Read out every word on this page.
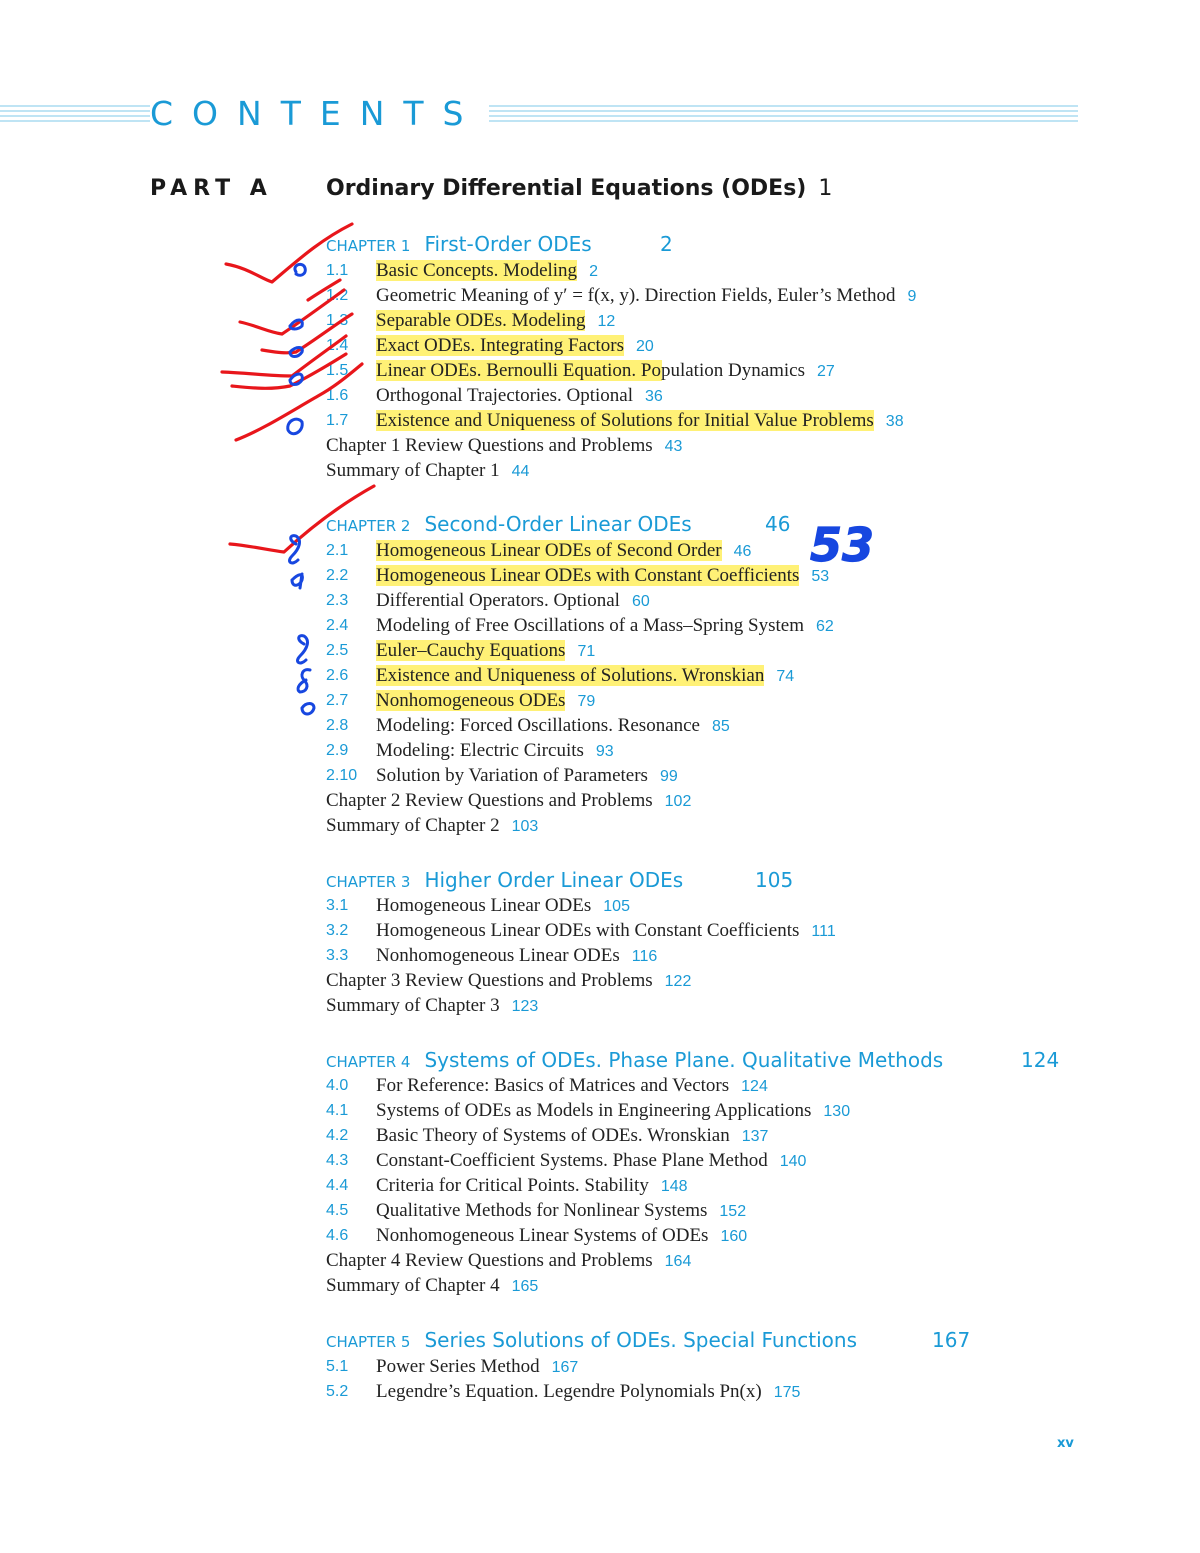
CONTENTS
PART A Ordinary Differential Equations (ODEs) 1
CHAPTER 1 First-Order ODEs	2
1.1 Basic Concepts. Modeling 2
1.2 Geometric Meaning of y′ = f(x, y). Direction Fields, Euler’s Method 9
1.3 Separable ODEs. Modeling 12
1.4 Exact ODEs. Integrating Factors 20
1.5 Linear ODEs. Bernoulli Equation. Population Dynamics 27
1.6 Orthogonal Trajectories. Optional 36
1.7 Existence and Uniqueness of Solutions for Initial Value Problems 38
Chapter 1 Review Questions and Problems 43
Summary of Chapter 1 44
CHAPTER 2 Second-Order Linear ODEs	46
2.1 Homogeneous Linear ODEs of Second Order 46
2.2 Homogeneous Linear ODEs with Constant Coefficients 53
2.3 Differential Operators. Optional 60
2.4 Modeling of Free Oscillations of a Mass–Spring System 62
2.5 Euler–Cauchy Equations 71
2.6 Existence and Uniqueness of Solutions. Wronskian 74
2.7 Nonhomogeneous ODEs 79
2.8 Modeling: Forced Oscillations. Resonance 85
2.9 Modeling: Electric Circuits 93
2.10 Solution by Variation of Parameters 99
Chapter 2 Review Questions and Problems 102
Summary of Chapter 2 103
CHAPTER 3 Higher Order Linear ODEs	105
3.1 Homogeneous Linear ODEs 105
3.2 Homogeneous Linear ODEs with Constant Coefficients 111
3.3 Nonhomogeneous Linear ODEs 116
Chapter 3 Review Questions and Problems 122
Summary of Chapter 3 123
CHAPTER 4 Systems of ODEs. Phase Plane. Qualitative Methods	124
4.0 For Reference: Basics of Matrices and Vectors 124
4.1 Systems of ODEs as Models in Engineering Applications 130
4.2 Basic Theory of Systems of ODEs. Wronskian 137
4.3 Constant-Coefficient Systems. Phase Plane Method 140
4.4 Criteria for Critical Points. Stability 148
4.5 Qualitative Methods for Nonlinear Systems 152
4.6 Nonhomogeneous Linear Systems of ODEs 160
Chapter 4 Review Questions and Problems 164
Summary of Chapter 4 165
CHAPTER 5 Series Solutions of ODEs. Special Functions	167
5.1 Power Series Method 167
5.2 Legendre’s Equation. Legendre Polynomials Pn(x) 175
xv
53
